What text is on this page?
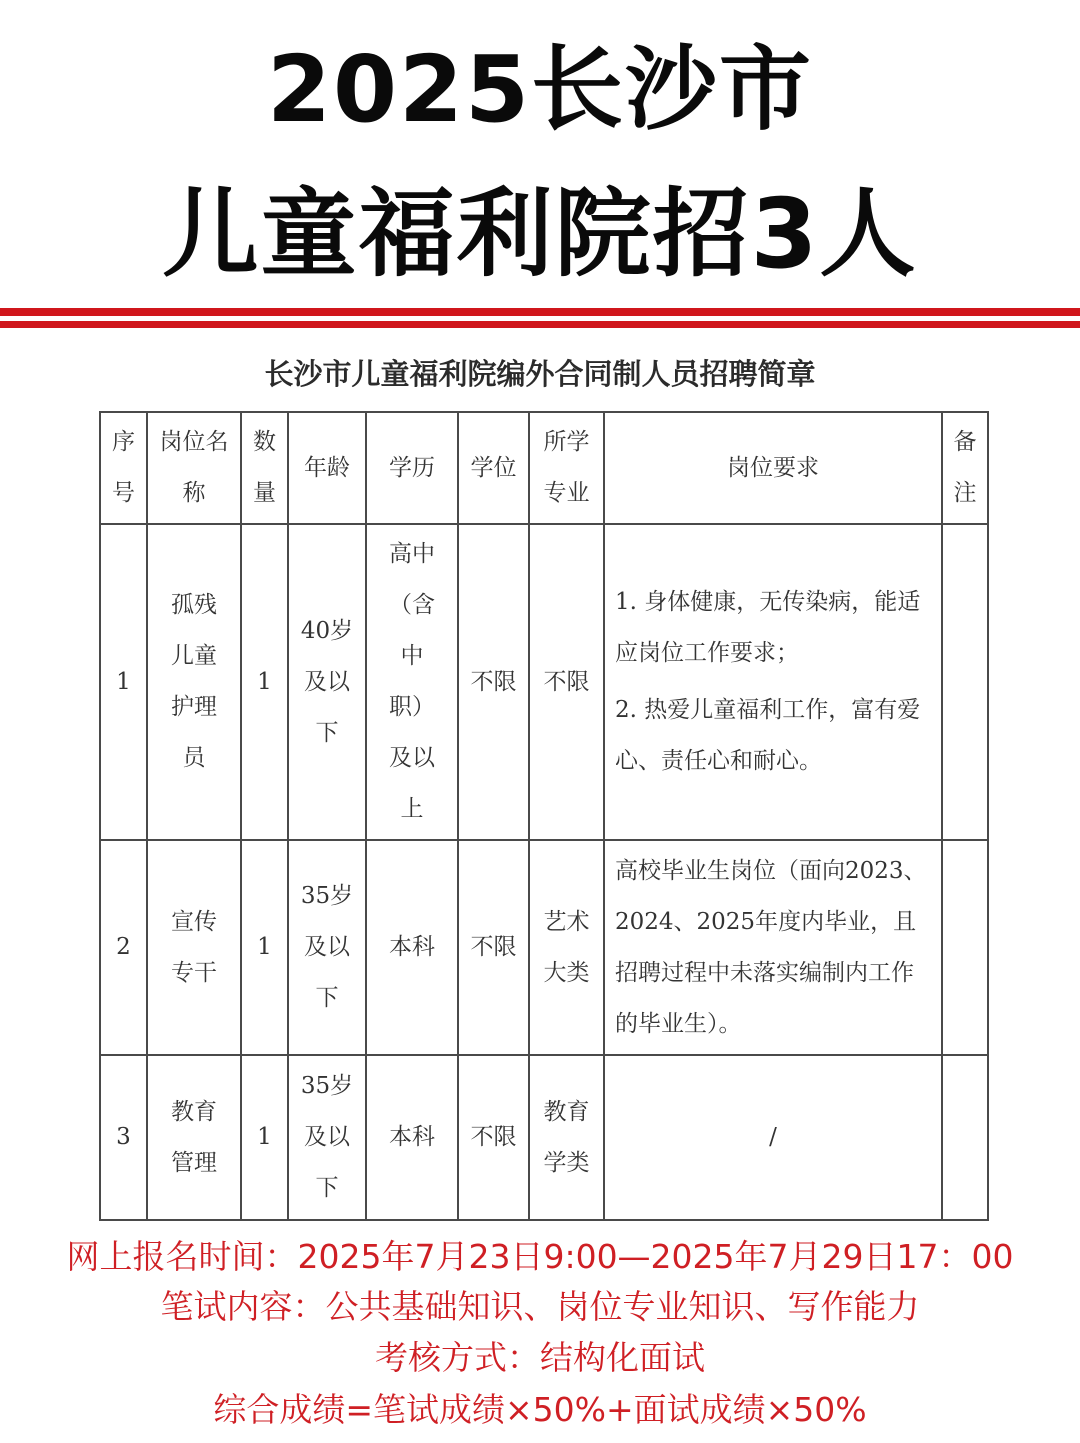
2025长沙市
儿童福利院招3人
长沙市儿童福利院编外合同制人员招聘简章
序号	岗位名称	数量	年龄	学历	学位	所学专业	岗位要求	备注
1	孤残儿童护理员	1	40岁及以下	高中（含中职）及以上	不限	不限	1. 身体健康，无传染病，能适应岗位工作要求；

2. 热爱儿童福利工作，富有爱心、责任心和耐心。	

2	宣传专干	1	35岁及以下	本科	不限	艺术大类	高校毕业生岗位（面向2023、2024、2025年度内毕业，且招聘过程中未落实编制内工作的毕业生）。	
3	教育管理	1	35岁及以下	本科	不限	教育学类	/	
网上报名时间：2025年7月23日9:00—2025年7月29日17：00
笔试内容：公共基础知识、岗位专业知识、写作能力
考核方式：结构化面试
综合成绩=笔试成绩×50%+面试成绩×50%
